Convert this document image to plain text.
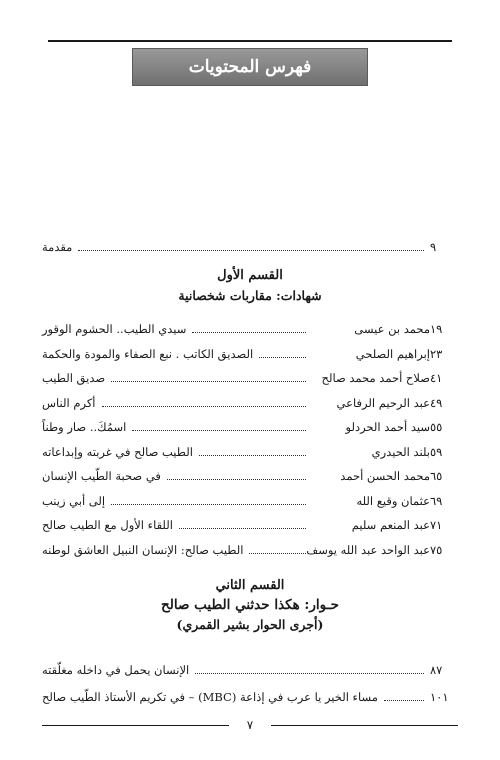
فهرس المحتويات
مقدمة	٩
القسم الأول
شهادات: مقاربات شخصانية
سيدي الطيب.. الحشوم الوقور	محمد بن عيسى ١٩
الصديق الكاتب . نبع الصفاء والمودة والحكمة	إبراهيم الصلحي ٢٣
صديق الطيب	صلاح أحمد محمد صالح ٤١
أكرم الناس	عبد الرحيم الرفاعي ٤٩
اسمُكَ.. صار وطناً	سيد أحمد الحردلو ٥٥
الطيب صالح في غربته وإبداعاته	بلند الحيدري ٥٩
في صحبة الطّيب الإنسان	محمد الحسن أحمد ٦٥
إلى أبي زينب	عثمان وقيع الله ٦٩
اللقاء الأول مع الطيب صالح	عبد المنعم سليم ٧١
الطيب صالح: الإنسان النبيل العاشق لوطنه	عبد الواحد عبد الله يوسف ٧٥
القسم الثاني
حـوار: هكذا حدثني الطيب صالح
(أجرى الحوار بشير القمري)
الإنسان يحمل في داخله مغلّقته	٨٧
مساء الخير يا عرب في إذاعة (MBC) – في تكريم الأستاذ الطّيب صالح	١٠١
٧
